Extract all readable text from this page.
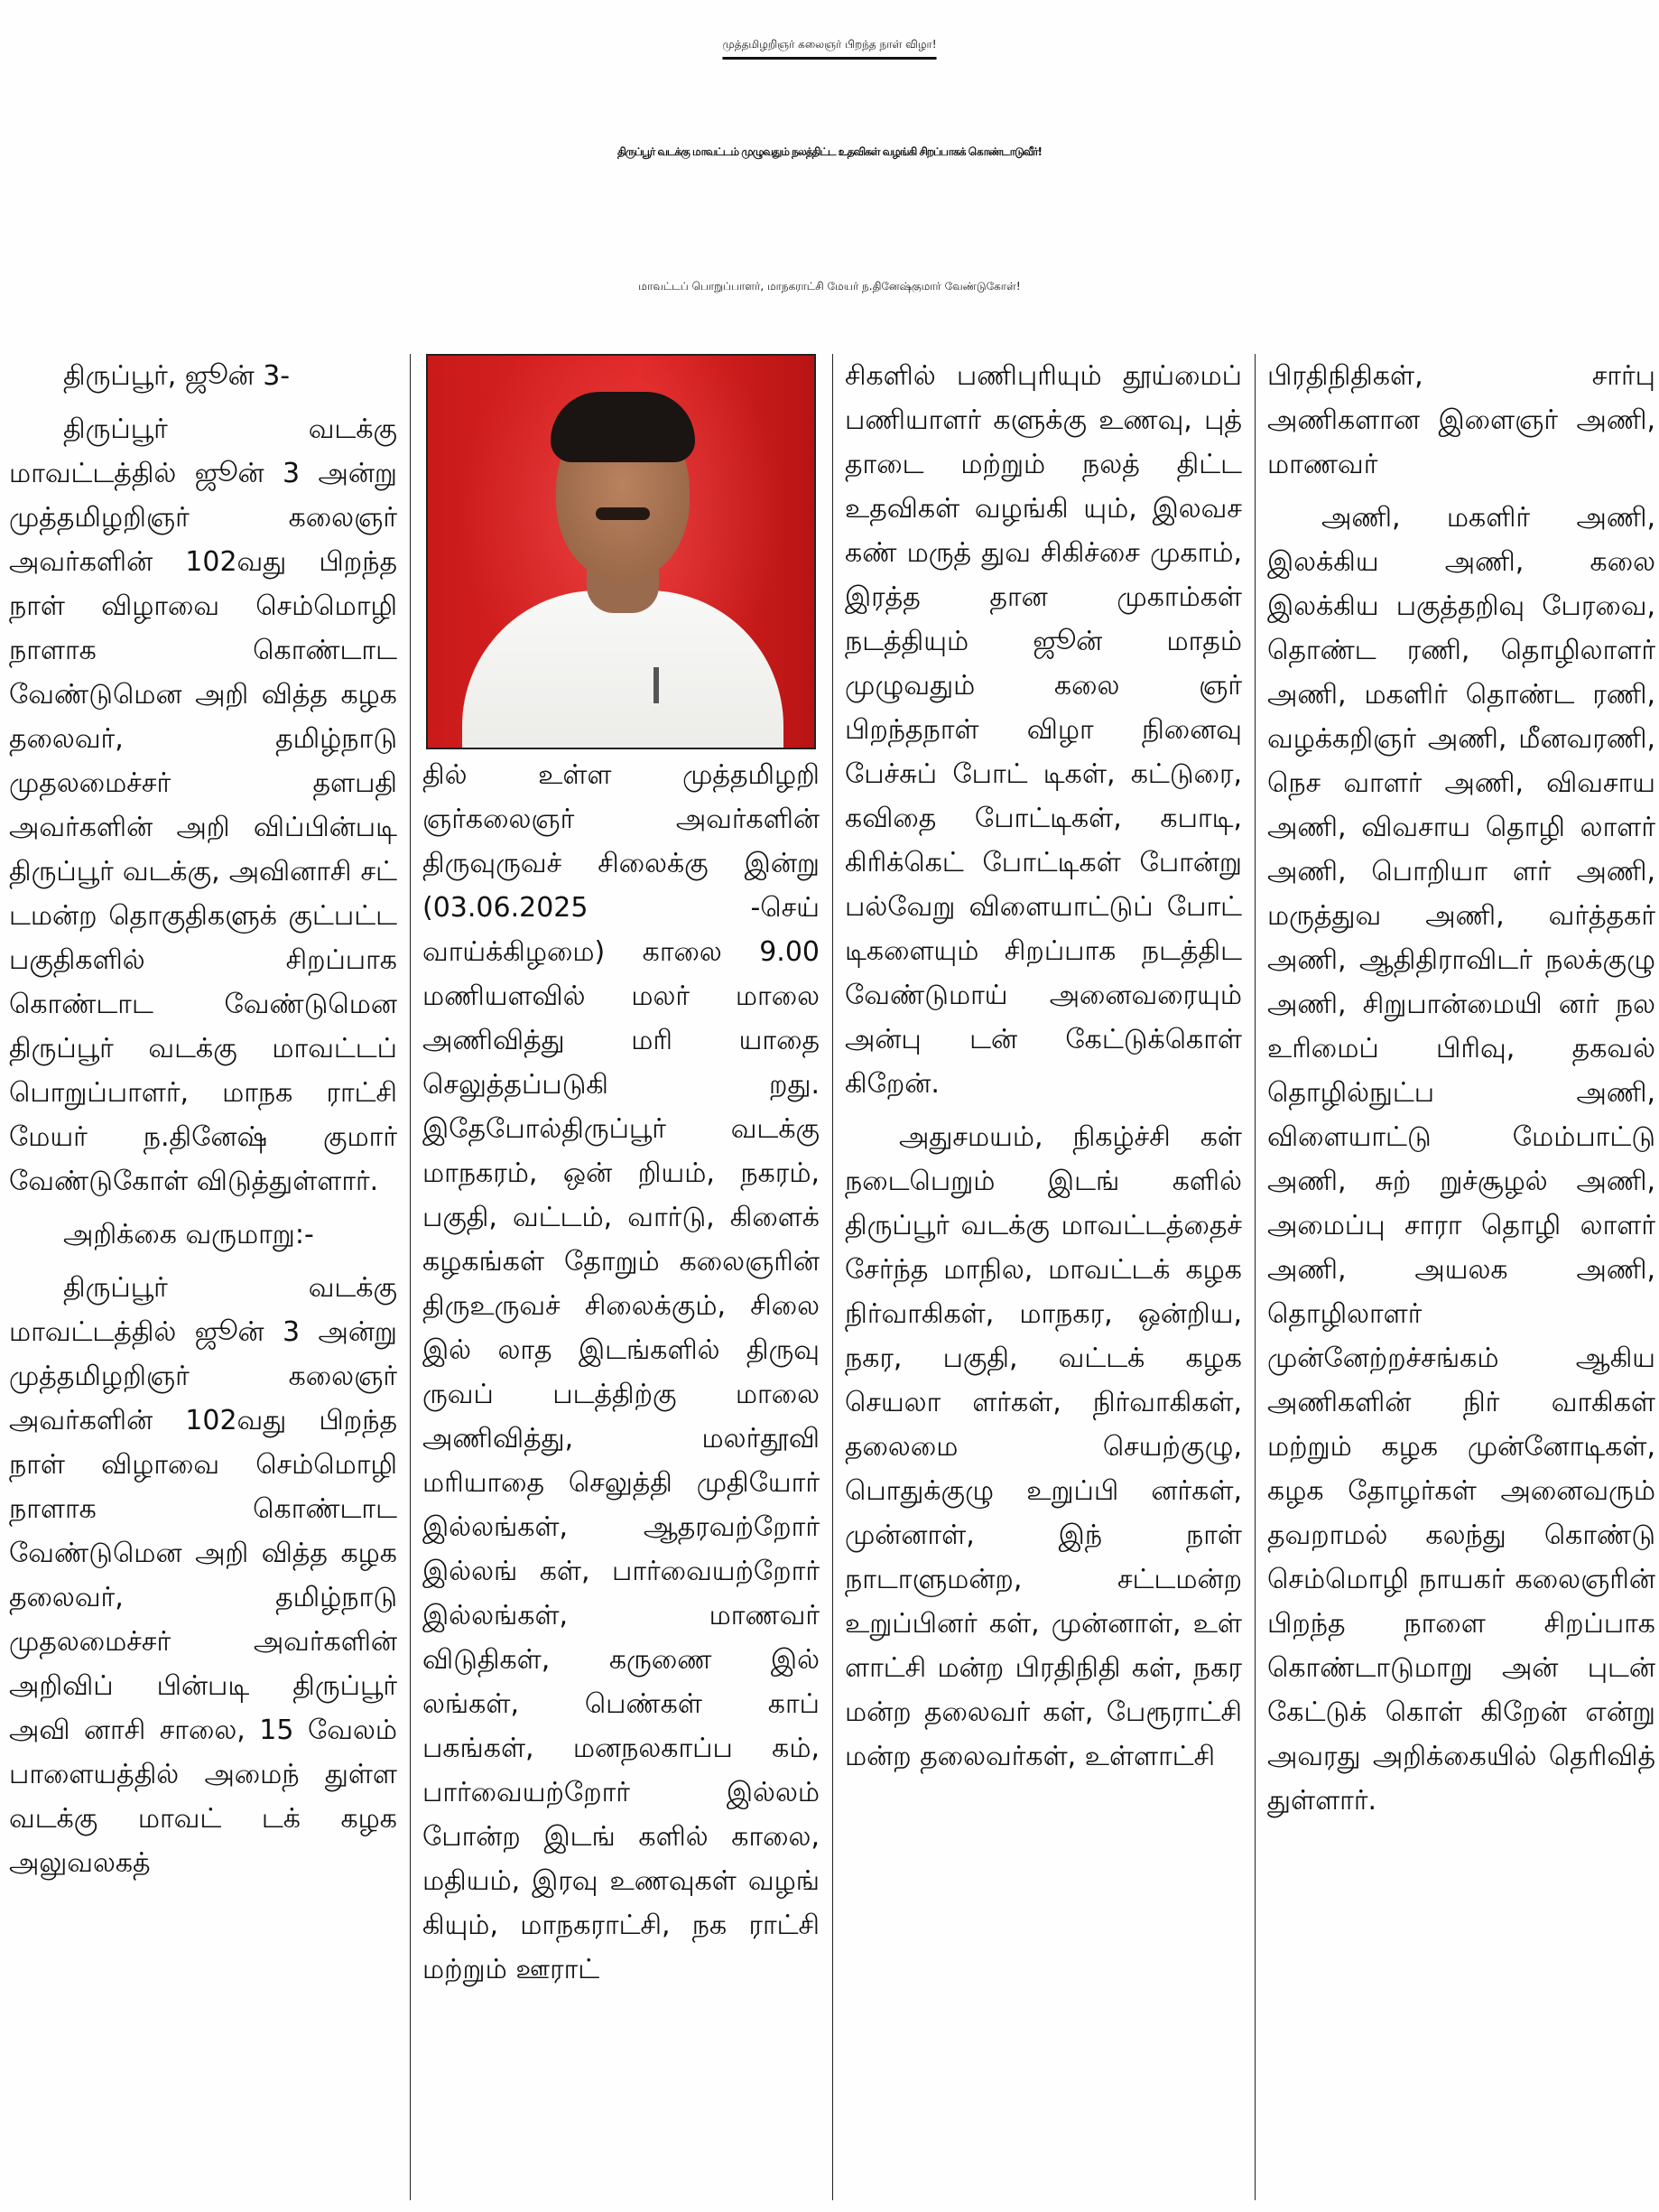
முத்தமிழறிஞர் கலைஞர் பிறந்த நாள் விழா!
திருப்பூர் வடக்கு மாவட்டம் முழுவதும் நலத்திட்ட உதவிகள் வழங்கி சிறப்பாகக் கொண்டாடுவீர்!
மாவட்டப் பொறுப்பாளர், மாநகராட்சி மேயர் ந.தினேஷ்குமார் வேண்டுகோள்!

திருப்பூர், ஜூன் 3-

திருப்பூர் வடக்கு மாவட்டத்தில் ஜூன் 3 அன்று முத்தமிழறிஞர் கலைஞர் அவர்களின் 102வது பிறந்த நாள் விழாவை செம்மொழி நாளாக கொண்டாட வேண்டுமென அறி வித்த கழக தலைவர், தமிழ்நாடு முதலமைச்சர் தளபதி அவர்களின் அறி விப்பின்படி திருப்பூர் வடக்கு, அவினாசி சட் டமன்ற தொகுதிகளுக் குட்பட்ட பகுதிகளில் சிறப்பாக கொண்டாட வேண்டுமென திருப்பூர் வடக்கு மாவட்டப் பொறுப்பாளர், மாநக ராட்சி மேயர் ந.தினேஷ் குமார் வேண்டுகோள் விடுத்துள்ளார்.

அறிக்கை வருமாறு:-

திருப்பூர் வடக்கு மாவட்டத்தில் ஜூன் 3 அன்று முத்தமிழறிஞர் கலைஞர் அவர்களின் 102வது பிறந்த நாள் விழாவை செம்மொழி நாளாக கொண்டாட வேண்டுமென அறி வித்த கழக தலைவர், தமிழ்நாடு முதலமைச்சர் அவர்களின் அறிவிப் பின்படி திருப்பூர் அவி னாசி சாலை, 15 வேலம் பாளையத்தில் அமைந் துள்ள வடக்கு மாவட் டக் கழக அலுவலகத்

தில் உள்ள முத்தமிழறி ஞர்கலைஞர் அவர்களின் திருவுருவச் சிலைக்கு இன்று (03.06.2025 -செய் வாய்க்கிழமை) காலை 9.00 மணியளவில் மலர் மாலை அணிவித்து மரி யாதை செலுத்தப்படுகி றது. இதேபோல்திருப்பூர் வடக்கு மாநகரம், ஒன் றியம், நகரம், பகுதி, வட்டம், வார்டு, கிளைக் கழகங்கள் தோறும் கலைஞரின் திருஉருவச் சிலைக்கும், சிலை இல் லாத இடங்களில் திருவு ருவப் படத்திற்கு மாலை அணிவித்து, மலர்தூவி மரியாதை செலுத்தி முதியோர் இல்லங்கள், ஆதரவற்றோர் இல்லங் கள், பார்வையற்றோர் இல்லங்கள், மாணவர் விடுதிகள், கருணை இல் லங்கள், பெண்கள் காப் பகங்கள், மனநலகாப்ப கம், பார்வையற்றோர் இல்லம் போன்ற இடங் களில் காலை, மதியம், இரவு உணவுகள் வழங் கியும், மாநகராட்சி, நக ராட்சி மற்றும் ஊராட்

சிகளில் பணிபுரியும் தூய்மைப் பணியாளர் களுக்கு உணவு, புத் தாடை மற்றும் நலத் திட்ட உதவிகள் வழங்கி யும், இலவச கண் மருத் துவ சிகிச்சை முகாம், இரத்த தான முகாம்கள் நடத்தியும் ஜூன் மாதம் முழுவதும் கலை ஞர் பிறந்தநாள் விழா நினைவு பேச்சுப் போட் டிகள், கட்டுரை, கவிதை போட்டிகள், கபாடி, கிரிக்கெட் போட்டிகள் போன்று பல்வேறு விளையாட்டுப் போட் டிகளையும் சிறப்பாக நடத்திட வேண்டுமாய் அனைவரையும் அன்பு டன் கேட்டுக்கொள் கிறேன்.

அதுசமயம், நிகழ்ச்சி கள் நடைபெறும் இடங் களில் திருப்பூர் வடக்கு மாவட்டத்தைச் சேர்ந்த மாநில, மாவட்டக் கழக நிர்வாகிகள், மாநகர, ஒன்றிய, நகர, பகுதி, வட்டக் கழக செயலா ளர்கள், நிர்வாகிகள், தலைமை செயற்குழு, பொதுக்குழு உறுப்பி னர்கள், முன்னாள், இந் நாள் நாடாளுமன்ற, சட்டமன்ற உறுப்பினர் கள், முன்னாள், உள் ளாட்சி மன்ற பிரதிநிதி கள், நகர மன்ற தலைவர் கள், பேரூராட்சி மன்ற தலைவர்கள், உள்ளாட்சி

பிரதிநிதிகள், சார்பு அணிகளான இளைஞர் அணி, மாணவர்

அணி, மகளிர் அணி, இலக்கிய அணி, கலை இலக்கிய பகுத்தறிவு பேரவை, தொண்ட ரணி, தொழிலாளர் அணி, மகளிர் தொண்ட ரணி, வழக்கறிஞர் அணி, மீனவரணி, நெச வாளர் அணி, விவசாய அணி, விவசாய தொழி லாளர் அணி, பொறியா ளர் அணி, மருத்துவ அணி, வர்த்தகர் அணி, ஆதிதிராவிடர் நலக்குழு அணி, சிறுபான்மையி னர் நல உரிமைப் பிரிவு, தகவல் தொழில்நுட்ப அணி, விளையாட்டு மேம்பாட்டு அணி, சுற் றுச்சூழல் அணி, அமைப்பு சாரா தொழி லாளர் அணி, அயலக அணி, தொழிலாளர் முன்னேற்றச்சங்கம் ஆகிய அணிகளின் நிர் வாகிகள் மற்றும் கழக முன்னோடிகள், கழக தோழர்கள் அனைவரும் தவறாமல் கலந்து கொண்டு செம்மொழி நாயகர் கலைஞரின் பிறந்த நாளை சிறப்பாக கொண்டாடுமாறு அன் புடன் கேட்டுக் கொள் கிறேன் என்று அவரது அறிக்கையில் தெரிவித் துள்ளார்.
